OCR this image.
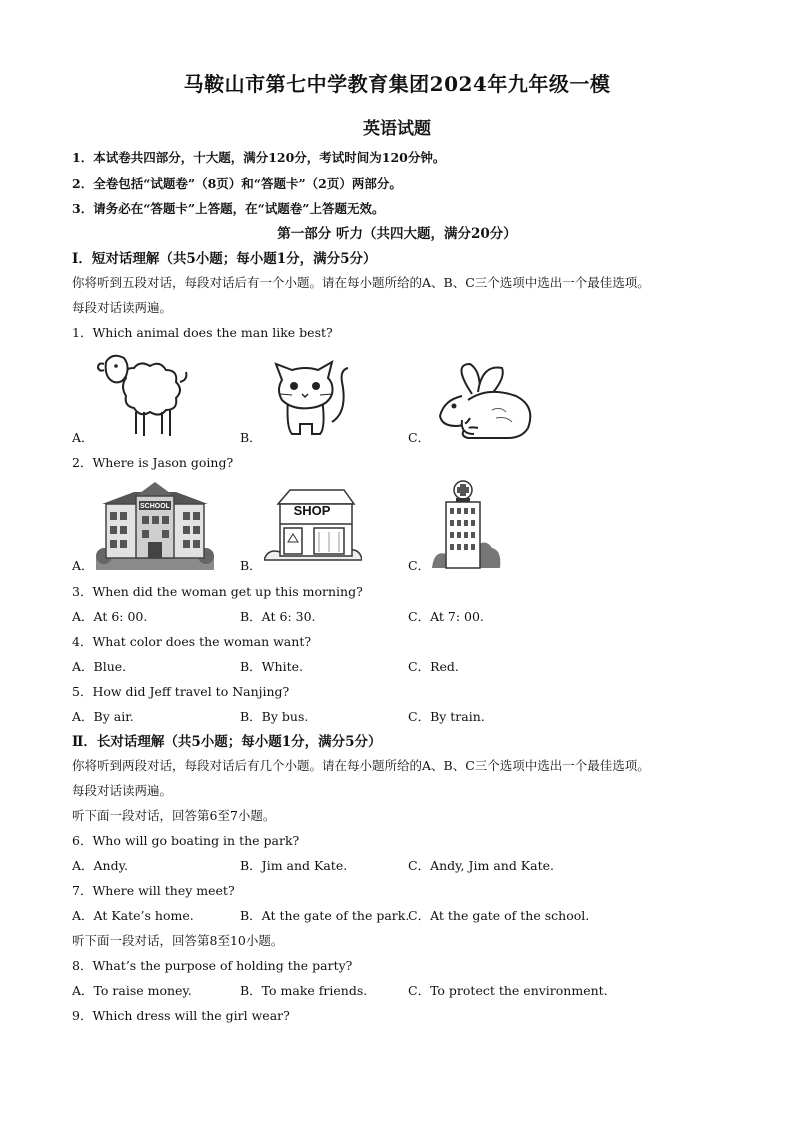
马鞍山市第七中学教育集团2024年九年级一模
英语试题
1．本试卷共四部分，十大题，满分120分，考试时间为120分钟。
2．全卷包括“试题卷”（8页）和“答题卡”（2页）两部分。
3．请务必在“答题卡”上答题，在“试题卷”上答题无效。
第一部分 听力（共四大题，满分20分）
Ⅰ．短对话理解（共5小题；每小题1分，满分5分）
你将听到五段对话，每段对话后有一个小题。请在每小题所给的A、B、C三个选项中选出一个最佳选项。
每段对话读两遍。
1．Which animal does the man like best?
A．	B．	C．
2．Where is Jason going?
A．	B．	C．
SCHOOL	SHOP
3．When did the woman get up this morning?
A．At 6: 00.	B．At 6: 30.	C．At 7: 00.
4．What color does the woman want?
A．Blue.	B．White.	C．Red.
5．How did Jeff travel to Nanjing?
A．By air.	B．By bus.	C．By train.
Ⅱ．长对话理解（共5小题；每小题1分，满分5分）
你将听到两段对话，每段对话后有几个小题。请在每小题所给的A、B、C三个选项中选出一个最佳选项。
每段对话读两遍。
听下面一段对话，回答第6至7小题。
6．Who will go boating in the park?
A．Andy.	B．Jim and Kate.	C．Andy, Jim and Kate.
7．Where will they meet?
A．At Kate’s home.	B．At the gate of the park.
C．At the gate of the school.
听下面一段对话，回答第8至10小题。
8．What’s the purpose of holding the party?
A．To raise money.	B．To make friends.	C．To protect the environment.
9．Which dress will the girl wear?
